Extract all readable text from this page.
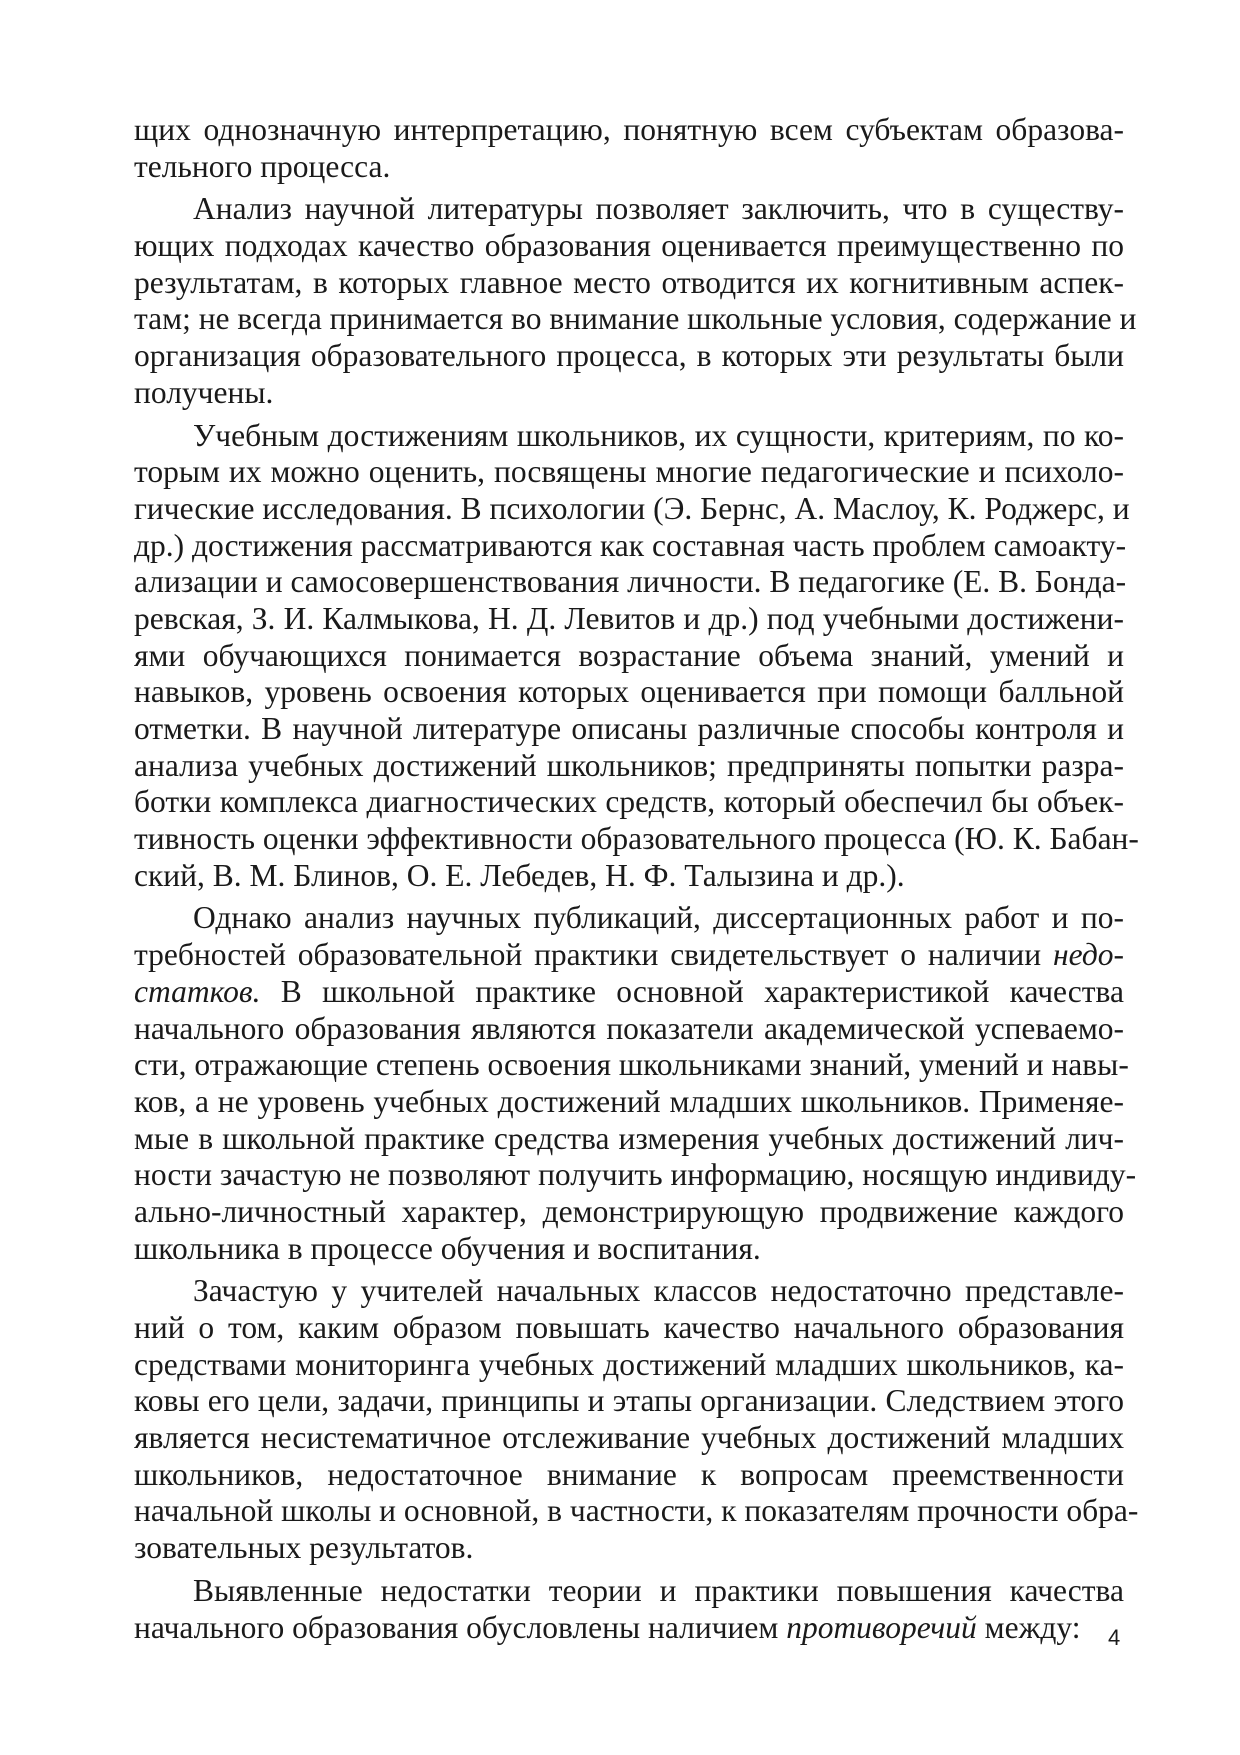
щих однозначную интерпретацию, понятную всем субъектам образова-
тельного процесса.
Анализ научной литературы позволяет заключить, что в существу-
ющих подходах качество образования оценивается преимущественно по
результатам, в которых главное место отводится их когнитивным аспек-
там; не всегда принимается во внимание школьные условия, содержание и
организация образовательного процесса, в которых эти результаты были
получены.
Учебным достижениям школьников, их сущности, критериям, по ко-
торым их можно оценить, посвящены многие педагогические и психоло-
гические исследования. В психологии (Э. Бернс, А. Маслоу, К. Роджерс, и
др.) достижения рассматриваются как составная часть проблем самоакту-
ализации и самосовершенствования личности. В педагогике (Е. В. Бонда-
ревская, З. И. Калмыкова, Н. Д. Левитов и др.) под учебными достижени-
ями обучающихся понимается возрастание объема знаний, умений и
навыков, уровень освоения которых оценивается при помощи балльной
отметки. В научной литературе описаны различные способы контроля и
анализа учебных достижений школьников; предприняты попытки разра-
ботки комплекса диагностических средств, который обеспечил бы объек-
тивность оценки эффективности образовательного процесса (Ю. К. Бабан-
ский, В. М. Блинов, О. Е. Лебедев, Н. Ф. Талызина и др.).
Однако анализ научных публикаций, диссертационных работ и по-
требностей образовательной практики свидетельствует о наличии недо-
статков. В школьной практике основной характеристикой качества
начального образования являются показатели академической успеваемо-
сти, отражающие степень освоения школьниками знаний, умений и навы-
ков, а не уровень учебных достижений младших школьников. Применяе-
мые в школьной практике средства измерения учебных достижений лич-
ности зачастую не позволяют получить информацию, носящую индивиду-
ально-личностный характер, демонстрирующую продвижение каждого
школьника в процессе обучения и воспитания.
Зачастую у учителей начальных классов недостаточно представле-
ний о том, каким образом повышать качество начального образования
средствами мониторинга учебных достижений младших школьников, ка-
ковы его цели, задачи, принципы и этапы организации. Следствием этого
является несистематичное отслеживание учебных достижений младших
школьников, недостаточное внимание к вопросам преемственности
начальной школы и основной, в частности, к показателям прочности обра-
зовательных результатов.
Выявленные недостатки теории и практики повышения качества
начального образования обусловлены наличием противоречий между:	4
